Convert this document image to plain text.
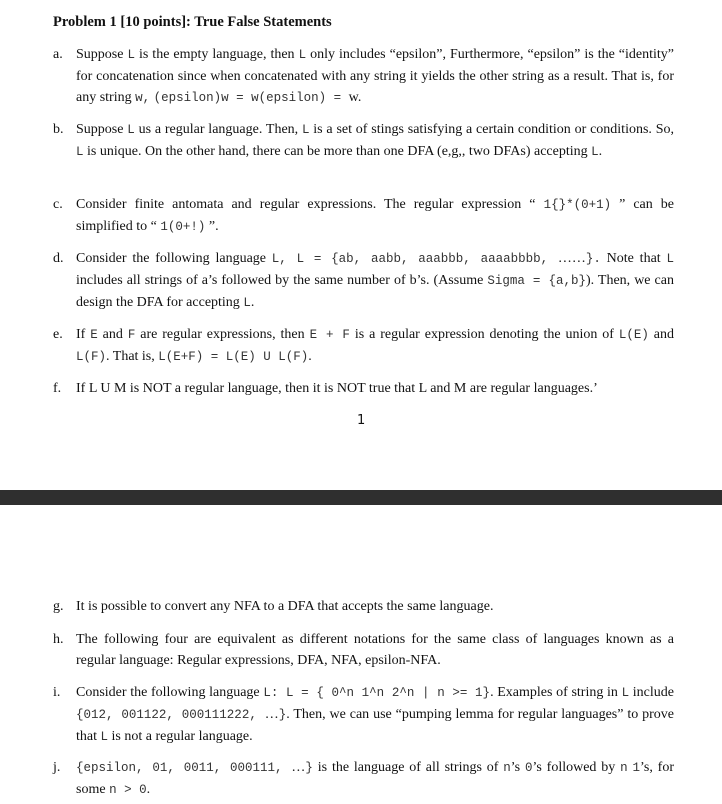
Problem 1 [10 points]: True False Statements
a. Suppose L is the empty language, then L only includes “epsilon”, Furthermore, “epsilon” is the “identity” for concatenation since when concatenated with any string it yields the other string as a result. That is, for any string w, (epsilon)w = w(epsilon) = w.
b. Suppose L us a regular language. Then, L is a set of stings satisfying a certain condition or conditions. So, L is unique. On the other hand, there can be more than one DFA (e,g,, two DFAs) accepting L.
c. Consider finite antomata and regular expressions. The regular expression “ 1{}*(0+1) ” can be simplified to “ 1(0+!) ”.
d. Consider the following language L, L = {ab, aabb, aaabbb, aaaabbbb, ……}. Note that L includes all strings of a’s followed by the same number of b’s. (Assume Sigma = {a,b}). Then, we can design the DFA for accepting L.
e. If E and F are regular expressions, then E + F is a regular expression denoting the union of L(E) and L(F). That is, L(E+F) = L(E) U L(F).
f.	If L U M is NOT a regular language, then it is NOT true that L and M are regular languages.’
1
g. It is possible to convert any NFA to a DFA that accepts the same language.
h. The following four are equivalent as different notations for the same class of languages known as a regular language: Regular expressions, DFA, NFA, epsilon-NFA.
i.	Consider the following language L: L = { 0^n 1^n 2^n | n >= 1}. Examples of string in L include {012, 001122, 000111222, …}. Then, we can use “pumping lemma for regular languages” to prove that L is not a regular language.
j.	{epsilon, 01, 0011, 000111, …} is the language of all strings of n’s 0’s followed by n 1’s, for some n > 0.
